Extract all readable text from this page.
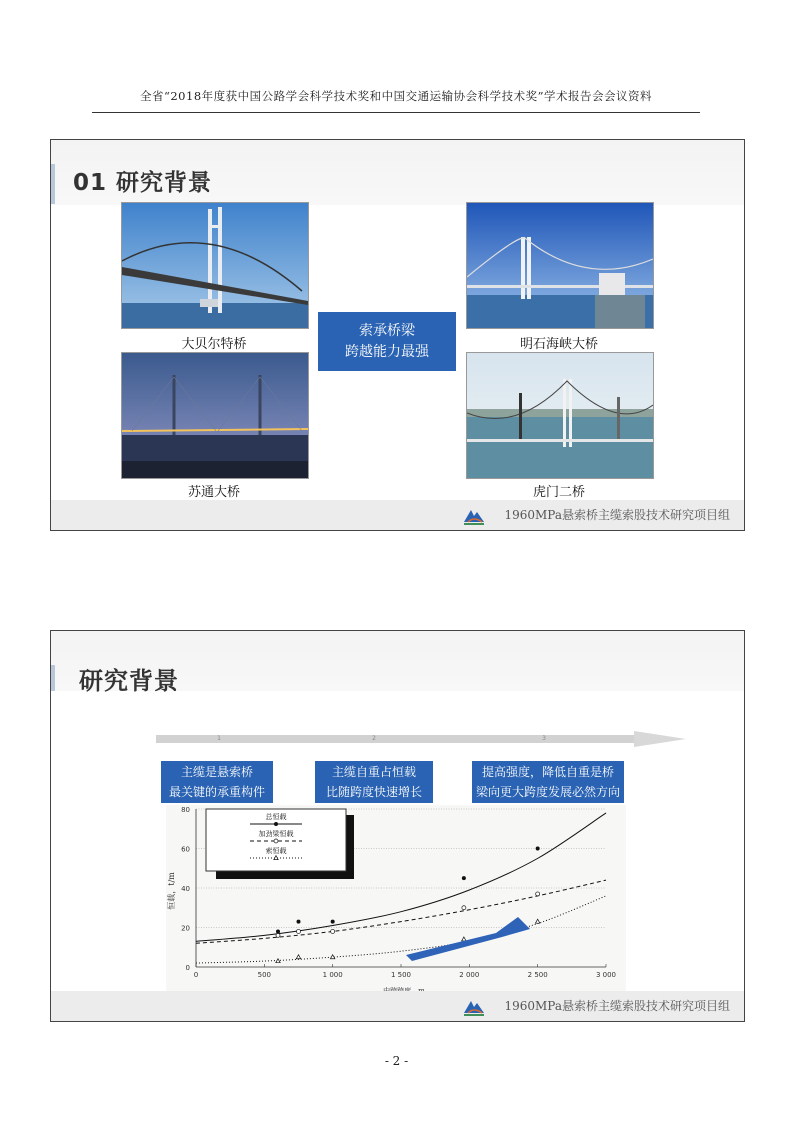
全省“2018年度获中国公路学会科学技术奖和中国交通运输协会科学技术奖”学术报告会会议资料
01 研究背景
大贝尔特桥
苏通大桥
索承桥梁
跨越能力最强	明石海峡大桥
虎门二桥
1960MPa悬索桥主缆索股技术研究项目组
研究背景
1	2	3
主缆是悬索桥
最关键的承重构件
主缆自重占恒载
比随跨度快速增长
提高强度，降低自重是桥
梁向更大跨度发展必然方向
0
20
40
60
80
0	500	1 000	1 500	2 000	2 500	3 000
总恒载
加劲梁恒载
索恒载
恒载，t/m
1960MPa悬索桥主缆索股技术研究项目组
- 2 -
